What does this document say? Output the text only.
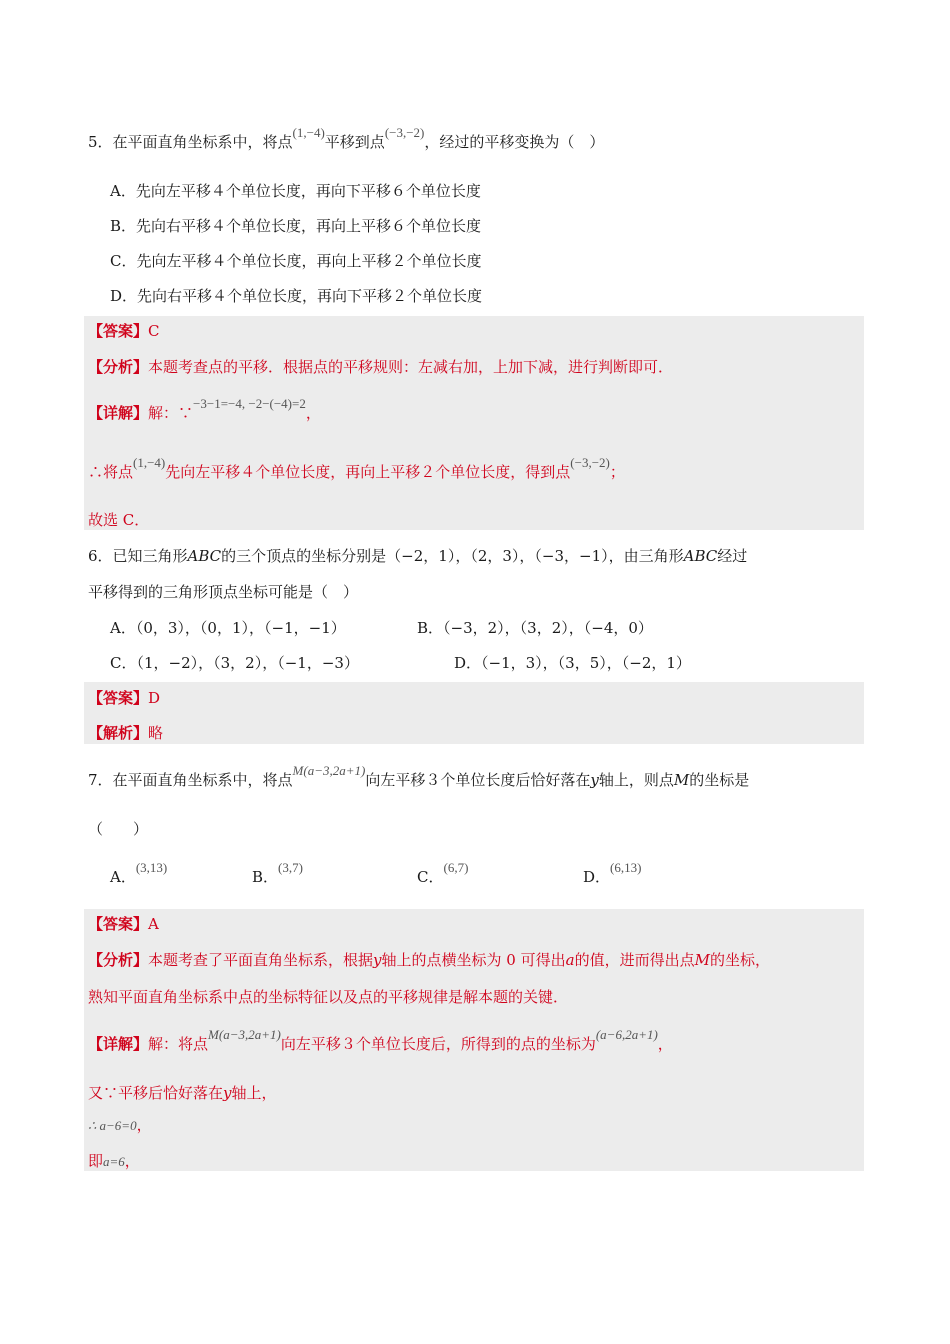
5．在平面直角坐标系中，将点(1,−4)平移到点(−3,−2)，经过的平移变换为（　）
A．先向左平移４个单位长度，再向下平移６个单位长度
B．先向右平移４个单位长度，再向上平移６个单位长度
C．先向左平移４个单位长度，再向上平移２个单位长度
D．先向右平移４个单位长度，再向下平移２个单位长度
【答案】C
【分析】本题考查点的平移．根据点的平移规则：左减右加，上加下减，进行判断即可．
【详解】解：∵−3−1=−4, −2−(−4)=2，
∴将点(1,−4)先向左平移４个单位长度，再向上平移２个单位长度，得到点(−3,−2)；
故选 C．
6．已知三角形ABC的三个顶点的坐标分别是（−2，1），（2，3），（−3，−1），由三角形ABC经过
平移得到的三角形顶点坐标可能是（　）
A．（0，3），（0，1），（−1，−1）	B．（−3，2），（3，2），（−4，0）
C．（1，−2），（3，2），（−1，−3）	D．（−1，3），（3，5），（−2，1）
【答案】D
【解析】略
7．在平面直角坐标系中，将点M(a−3,2a+1)向左平移３个单位长度后恰好落在y轴上，则点M的坐标是
（　　）
A．(3,13)
B．(3,7)
C．(6,7)
D．(6,13)
【答案】A
【分析】本题考查了平面直角坐标系，根据y轴上的点横坐标为 0 可得出a的值，进而得出点M的坐标，
熟知平面直角坐标系中点的坐标特征以及点的平移规律是解本题的关键．
【详解】解：将点M(a−3,2a+1)向左平移３个单位长度后，所得到的点的坐标为(a−6,2a+1)，
又∵平移后恰好落在y轴上，
∴ a−6=0，
即a=6，
